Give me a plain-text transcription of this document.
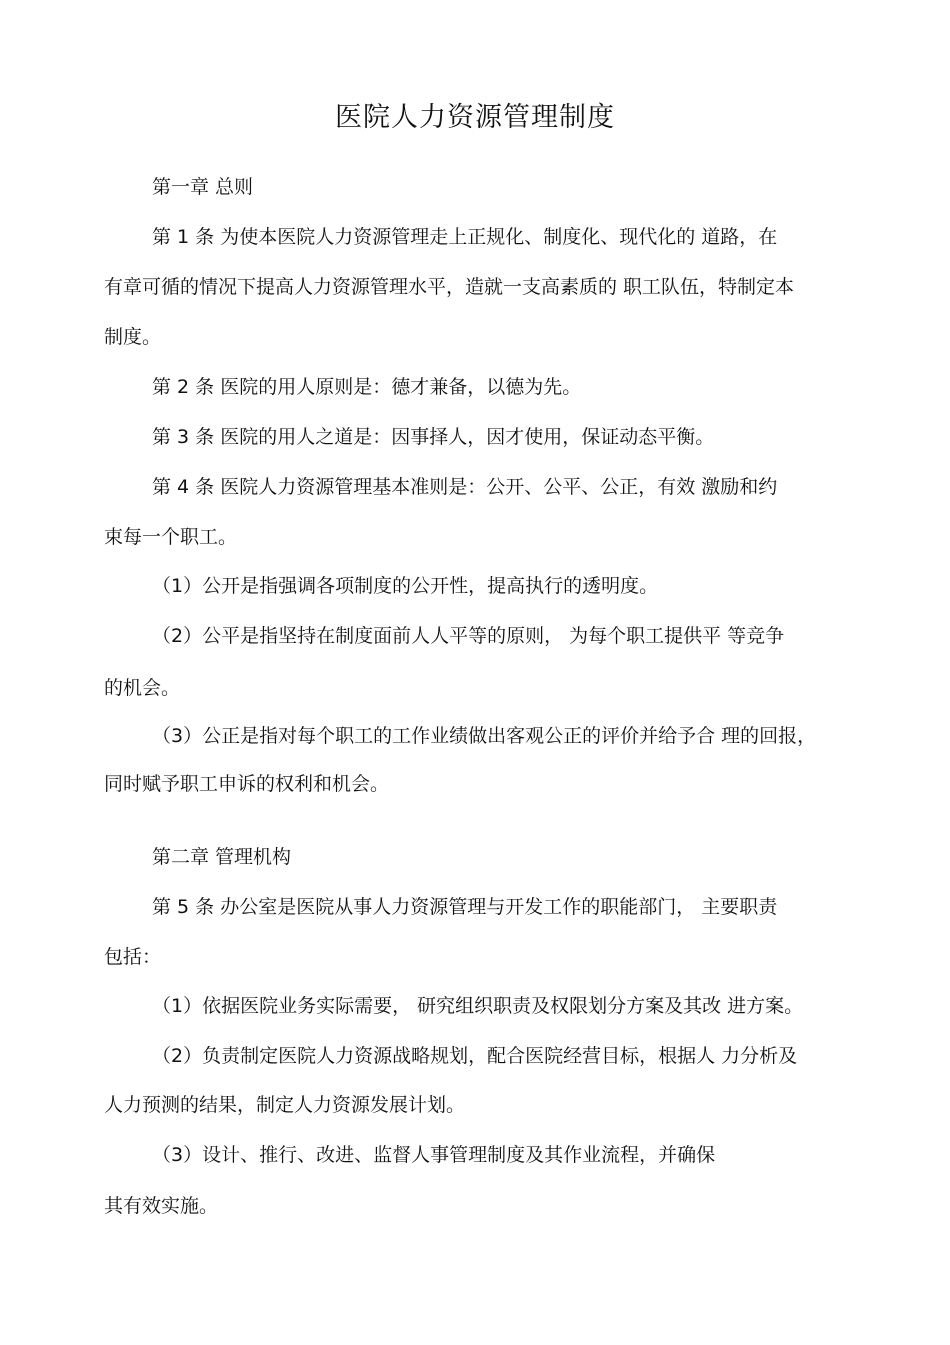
医院人力资源管理制度

第一章 总则

第 1 条 为使本医院人力资源管理走上正规化、制度化、现代化的 道路，在

有章可循的情况下提高人力资源管理水平，造就一支高素质的 职工队伍，特制定本

制度。

第 2 条 医院的用人原则是：德才兼备，以德为先。

第 3 条 医院的用人之道是：因事择人，因才使用，保证动态平衡。

第 4 条 医院人力资源管理基本准则是：公开、公平、公正，有效 激励和约

束每一个职工。

（1）公开是指强调各项制度的公开性，提高执行的透明度。

（2）公平是指坚持在制度面前人人平等的原则， 为每个职工提供平 等竞争

的机会。

（3）公正是指对每个职工的工作业绩做出客观公正的评价并给予合 理的回报，

同时赋予职工申诉的权利和机会。

第二章 管理机构

第 5 条 办公室是医院从事人力资源管理与开发工作的职能部门， 主要职责

包括：

（1）依据医院业务实际需要， 研究组织职责及权限划分方案及其改 进方案。

（2）负责制定医院人力资源战略规划，配合医院经营目标，根据人 力分析及

人力预测的结果，制定人力资源发展计划。

（3）设计、推行、改进、监督人事管理制度及其作业流程，并确保

其有效实施。
